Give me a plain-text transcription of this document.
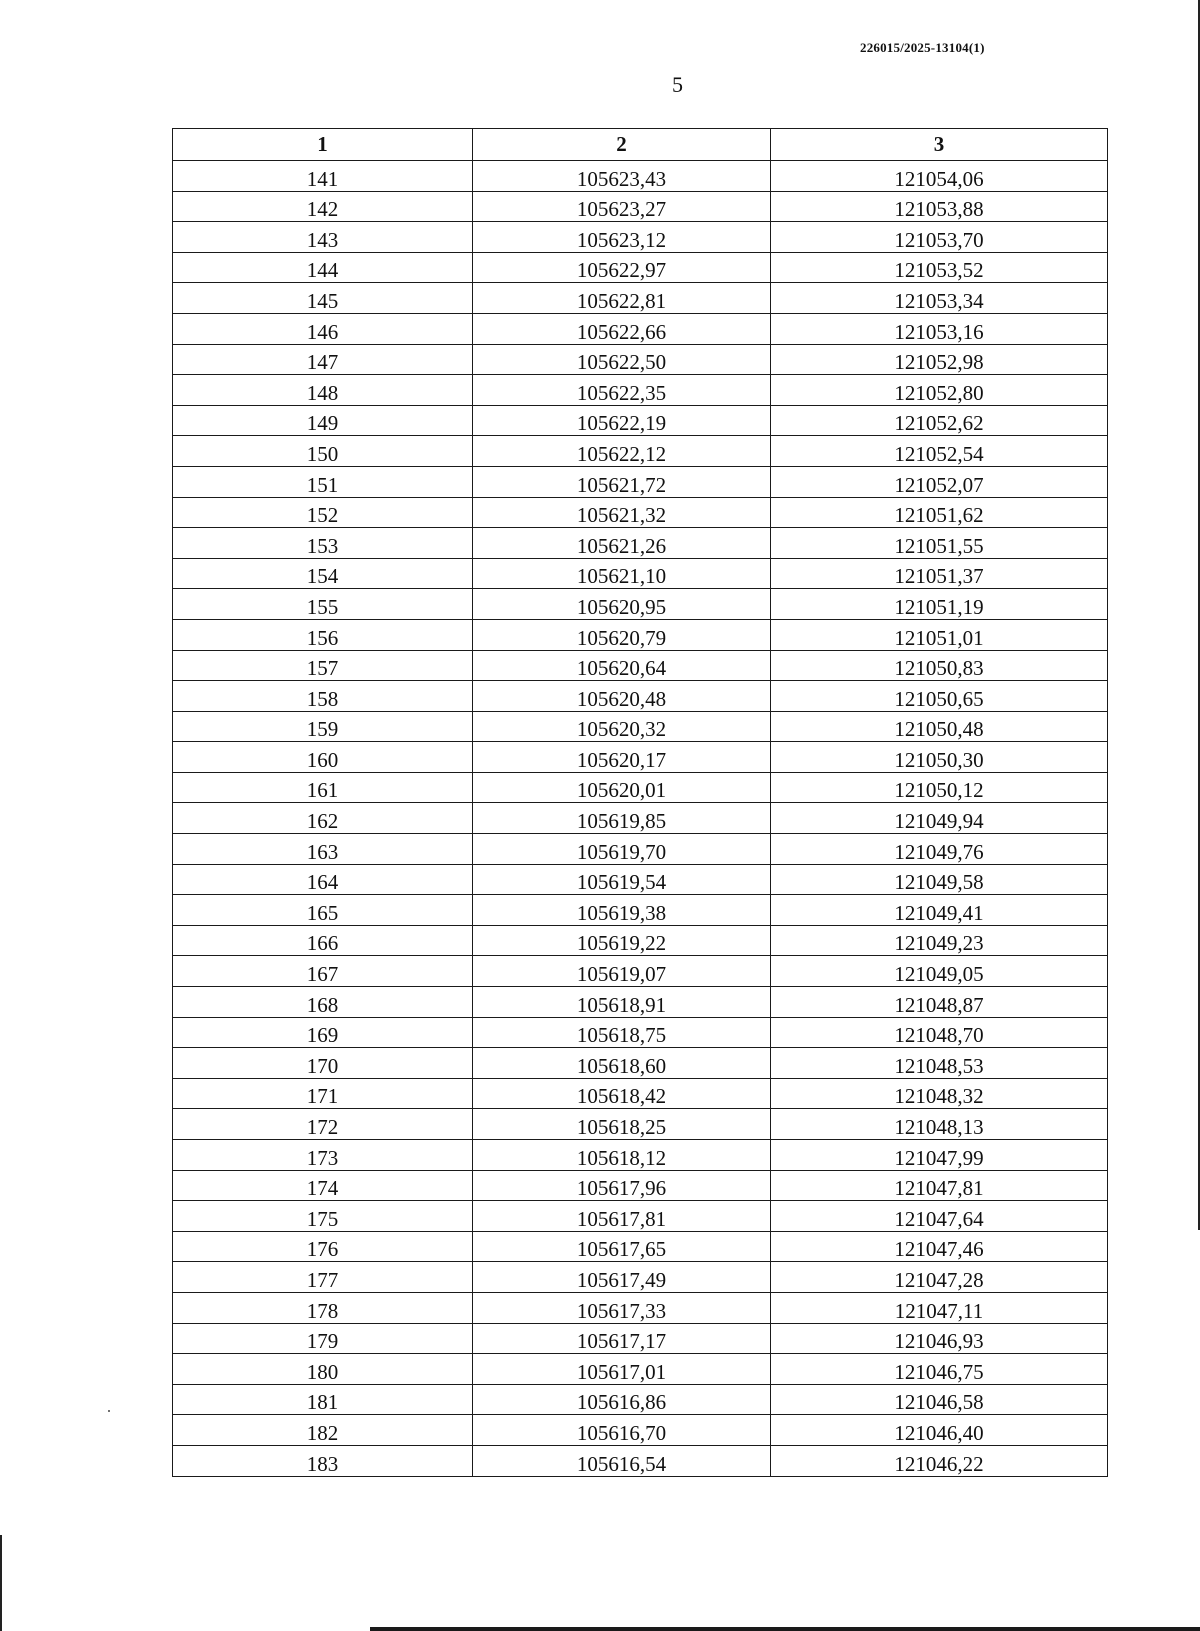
226015/2025-13104(1)
5
1	2	3
141	105623,43	121054,06
142	105623,27	121053,88
143	105623,12	121053,70
144	105622,97	121053,52
145	105622,81	121053,34
146	105622,66	121053,16
147	105622,50	121052,98
148	105622,35	121052,80
149	105622,19	121052,62
150	105622,12	121052,54
151	105621,72	121052,07
152	105621,32	121051,62
153	105621,26	121051,55
154	105621,10	121051,37
155	105620,95	121051,19
156	105620,79	121051,01
157	105620,64	121050,83
158	105620,48	121050,65
159	105620,32	121050,48
160	105620,17	121050,30
161	105620,01	121050,12
162	105619,85	121049,94
163	105619,70	121049,76
164	105619,54	121049,58
165	105619,38	121049,41
166	105619,22	121049,23
167	105619,07	121049,05
168	105618,91	121048,87
169	105618,75	121048,70
170	105618,60	121048,53
171	105618,42	121048,32
172	105618,25	121048,13
173	105618,12	121047,99
174	105617,96	121047,81
175	105617,81	121047,64
176	105617,65	121047,46
177	105617,49	121047,28
178	105617,33	121047,11
179	105617,17	121046,93
180	105617,01	121046,75
181	105616,86	121046,58
182	105616,70	121046,40
183	105616,54	121046,22
